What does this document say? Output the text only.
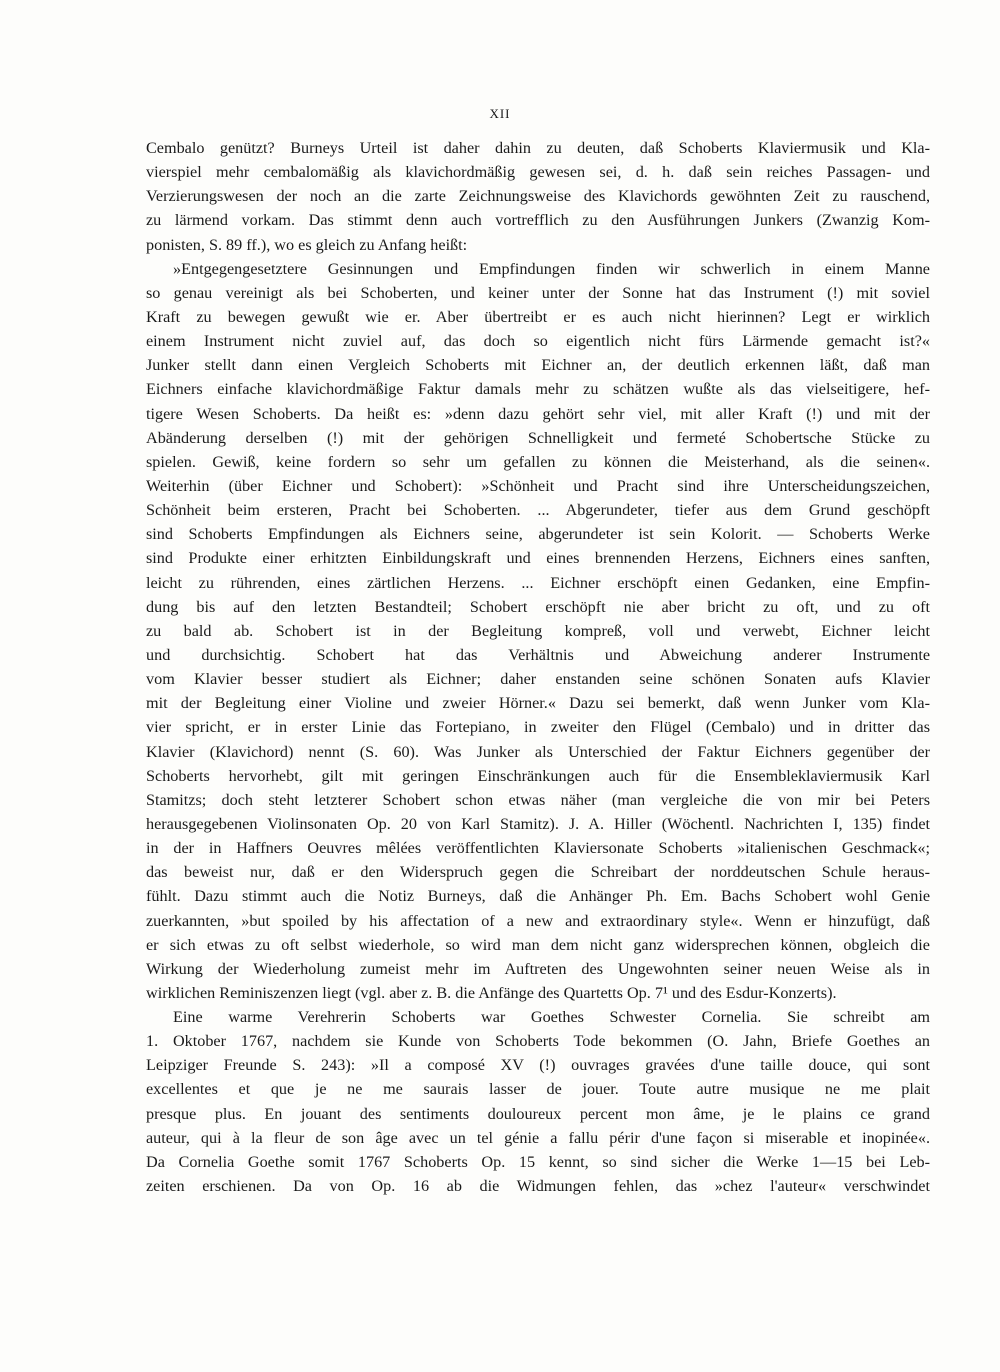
XII
Cembalo genützt? Burneys Urteil ist daher dahin zu deuten, daß Schoberts Klaviermusik und Kla-
vierspiel mehr cembalomäßig als klavichordmäßig gewesen sei, d. h. daß sein reiches Passagen- und
Verzierungswesen der noch an die zarte Zeichnungsweise des Klavichords gewöhnten Zeit zu rauschend,
zu lärmend vorkam. Das stimmt denn auch vortrefflich zu den Ausführungen Junkers (Zwanzig Kom-
ponisten, S. 89 ff.), wo es gleich zu Anfang heißt:
»Entgegengesetztere Gesinnungen und Empfindungen finden wir schwerlich in einem Manne
so genau vereinigt als bei Schoberten, und keiner unter der Sonne hat das Instrument (!) mit soviel
Kraft zu bewegen gewußt wie er. Aber übertreibt er es auch nicht hierinnen? Legt er wirklich
einem Instrument nicht zuviel auf, das doch so eigentlich nicht fürs Lärmende gemacht ist?«
Junker stellt dann einen Vergleich Schoberts mit Eichner an, der deutlich erkennen läßt, daß man
Eichners einfache klavichordmäßige Faktur damals mehr zu schätzen wußte als das vielseitigere, hef-
tigere Wesen Schoberts. Da heißt es: »denn dazu gehört sehr viel, mit aller Kraft (!) und mit der
Abänderung derselben (!) mit der gehörigen Schnelligkeit und fermeté Schobertsche Stücke zu
spielen. Gewiß, keine fordern so sehr um gefallen zu können die Meisterhand, als die seinen«.
Weiterhin (über Eichner und Schobert): »Schönheit und Pracht sind ihre Unterscheidungszeichen,
Schönheit beim ersteren, Pracht bei Schoberten. ... Abgerundeter, tiefer aus dem Grund geschöpft
sind Schoberts Empfindungen als Eichners seine, abgerundeter ist sein Kolorit. — Schoberts Werke
sind Produkte einer erhitzten Einbildungskraft und eines brennenden Herzens, Eichners eines sanften,
leicht zu rührenden, eines zärtlichen Herzens. ... Eichner erschöpft einen Gedanken, eine Empfin-
dung bis auf den letzten Bestandteil; Schobert erschöpft nie aber bricht zu oft, und zu oft
zu bald ab. Schobert ist in der Begleitung kompreß, voll und verwebt, Eichner leicht
und durchsichtig. Schobert hat das Verhältnis und Abweichung anderer Instrumente
vom Klavier besser studiert als Eichner; daher enstanden seine schönen Sonaten aufs Klavier
mit der Begleitung einer Violine und zweier Hörner.« Dazu sei bemerkt, daß wenn Junker vom Kla-
vier spricht, er in erster Linie das Fortepiano, in zweiter den Flügel (Cembalo) und in dritter das
Klavier (Klavichord) nennt (S. 60). Was Junker als Unterschied der Faktur Eichners gegenüber der
Schoberts hervorhebt, gilt mit geringen Einschränkungen auch für die Ensembleklaviermusik Karl
Stamitzs; doch steht letzterer Schobert schon etwas näher (man vergleiche die von mir bei Peters
herausgegebenen Violinsonaten Op. 20 von Karl Stamitz). J. A. Hiller (Wöchentl. Nachrichten I, 135) findet
in der in Haffners Oeuvres mêlées veröffentlichten Klaviersonate Schoberts »italienischen Geschmack«;
das beweist nur, daß er den Widerspruch gegen die Schreibart der norddeutschen Schule heraus-
fühlt. Dazu stimmt auch die Notiz Burneys, daß die Anhänger Ph. Em. Bachs Schobert wohl Genie
zuerkannten, »but spoiled by his affectation of a new and extraordinary style«. Wenn er hinzufügt, daß
er sich etwas zu oft selbst wiederhole, so wird man dem nicht ganz widersprechen können, obgleich die
Wirkung der Wiederholung zumeist mehr im Auftreten des Ungewohnten seiner neuen Weise als in
wirklichen Reminiszenzen liegt (vgl. aber z. B. die Anfänge des Quartetts Op. 7¹ und des Esdur-Konzerts).
Eine warme Verehrerin Schoberts war Goethes Schwester Cornelia. Sie schreibt am
1. Oktober 1767, nachdem sie Kunde von Schoberts Tode bekommen (O. Jahn, Briefe Goethes an
Leipziger Freunde S. 243): »Il a composé XV (!) ouvrages gravées d'une taille douce, qui sont
excellentes et que je ne me saurais lasser de jouer. Toute autre musique ne me plait
presque plus. En jouant des sentiments douloureux percent mon âme, je le plains ce grand
auteur, qui à la fleur de son âge avec un tel génie a fallu périr d'une façon si miserable et inopinée«.
Da Cornelia Goethe somit 1767 Schoberts Op. 15 kennt, so sind sicher die Werke 1—15 bei Leb-
zeiten erschienen. Da von Op. 16 ab die Widmungen fehlen, das »chez l'auteur« verschwindet
